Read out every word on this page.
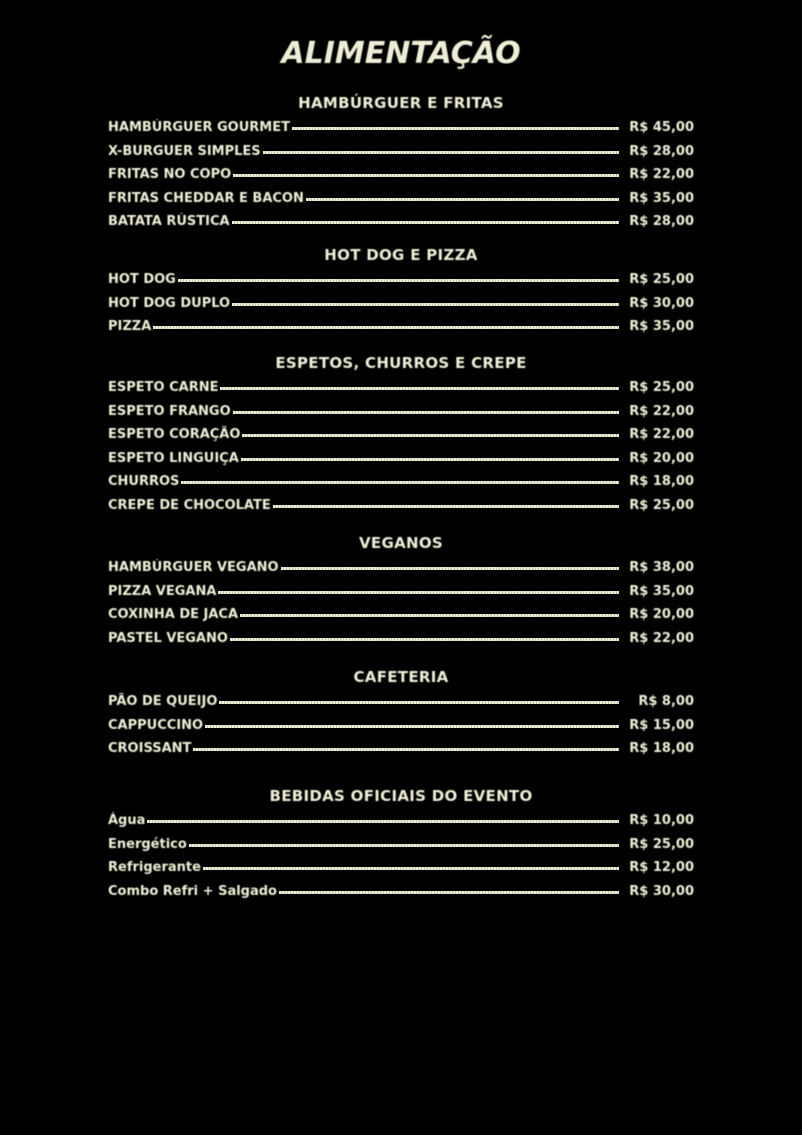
ALIMENTAÇÃO
HAMBÚRGUER E FRITAS
HAMBÚRGUER GOURMET	R$ 45,00
X-BURGUER SIMPLES	R$ 28,00
FRITAS NO COPO	R$ 22,00
FRITAS CHEDDAR E BACON	R$ 35,00
BATATA RÚSTICA	R$ 28,00
HOT DOG E PIZZA
HOT DOG	R$ 25,00
HOT DOG DUPLO	R$ 30,00
PIZZA	R$ 35,00
ESPETOS, CHURROS E CREPE
ESPETO CARNE	R$ 25,00
ESPETO FRANGO	R$ 22,00
ESPETO CORAÇÃO	R$ 22,00
ESPETO LINGUIÇA	R$ 20,00
CHURROS	R$ 18,00
CREPE DE CHOCOLATE	R$ 25,00
VEGANOS
HAMBÚRGUER VEGANO	R$ 38,00
PIZZA VEGANA	R$ 35,00
COXINHA DE JACA	R$ 20,00
PASTEL VEGANO	R$ 22,00
CAFETERIA
PÃO DE QUEIJO	R$ 8,00
CAPPUCCINO	R$ 15,00
CROISSANT	R$ 18,00
BEBIDAS OFICIAIS DO EVENTO
Água	R$ 10,00
Energético	R$ 25,00
Refrigerante	R$ 12,00
Combo Refri + Salgado	R$ 30,00
